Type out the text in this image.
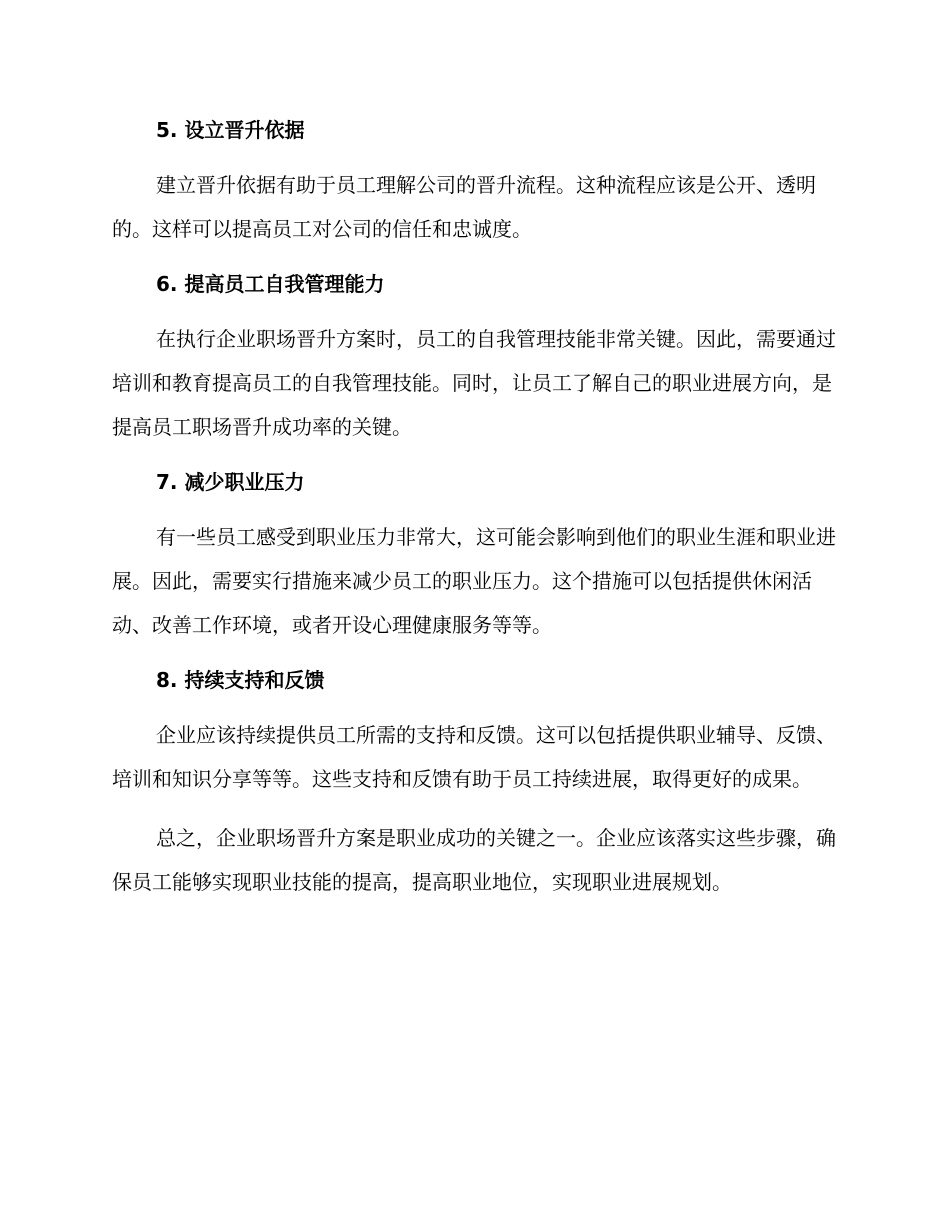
5. 设立晋升依据

建立晋升依据有助于员工理解公司的晋升流程。这种流程应该是公开、透明的。这样可以提高员工对公司的信任和忠诚度。

6. 提高员工自我管理能力

在执行企业职场晋升方案时，员工的自我管理技能非常关键。因此，需要通过培训和教育提高员工的自我管理技能。同时，让员工了解自己的职业进展方向，是提高员工职场晋升成功率的关键。

7. 减少职业压力

有一些员工感受到职业压力非常大，这可能会影响到他们的职业生涯和职业进展。因此，需要实行措施来减少员工的职业压力。这个措施可以包括提供休闲活动、改善工作环境，或者开设心理健康服务等等。

8. 持续支持和反馈

企业应该持续提供员工所需的支持和反馈。这可以包括提供职业辅导、反馈、培训和知识分享等等。这些支持和反馈有助于员工持续进展，取得更好的成果。

总之，企业职场晋升方案是职业成功的关键之一。企业应该落实这些步骤，确保员工能够实现职业技能的提高，提高职业地位，实现职业进展规划。
